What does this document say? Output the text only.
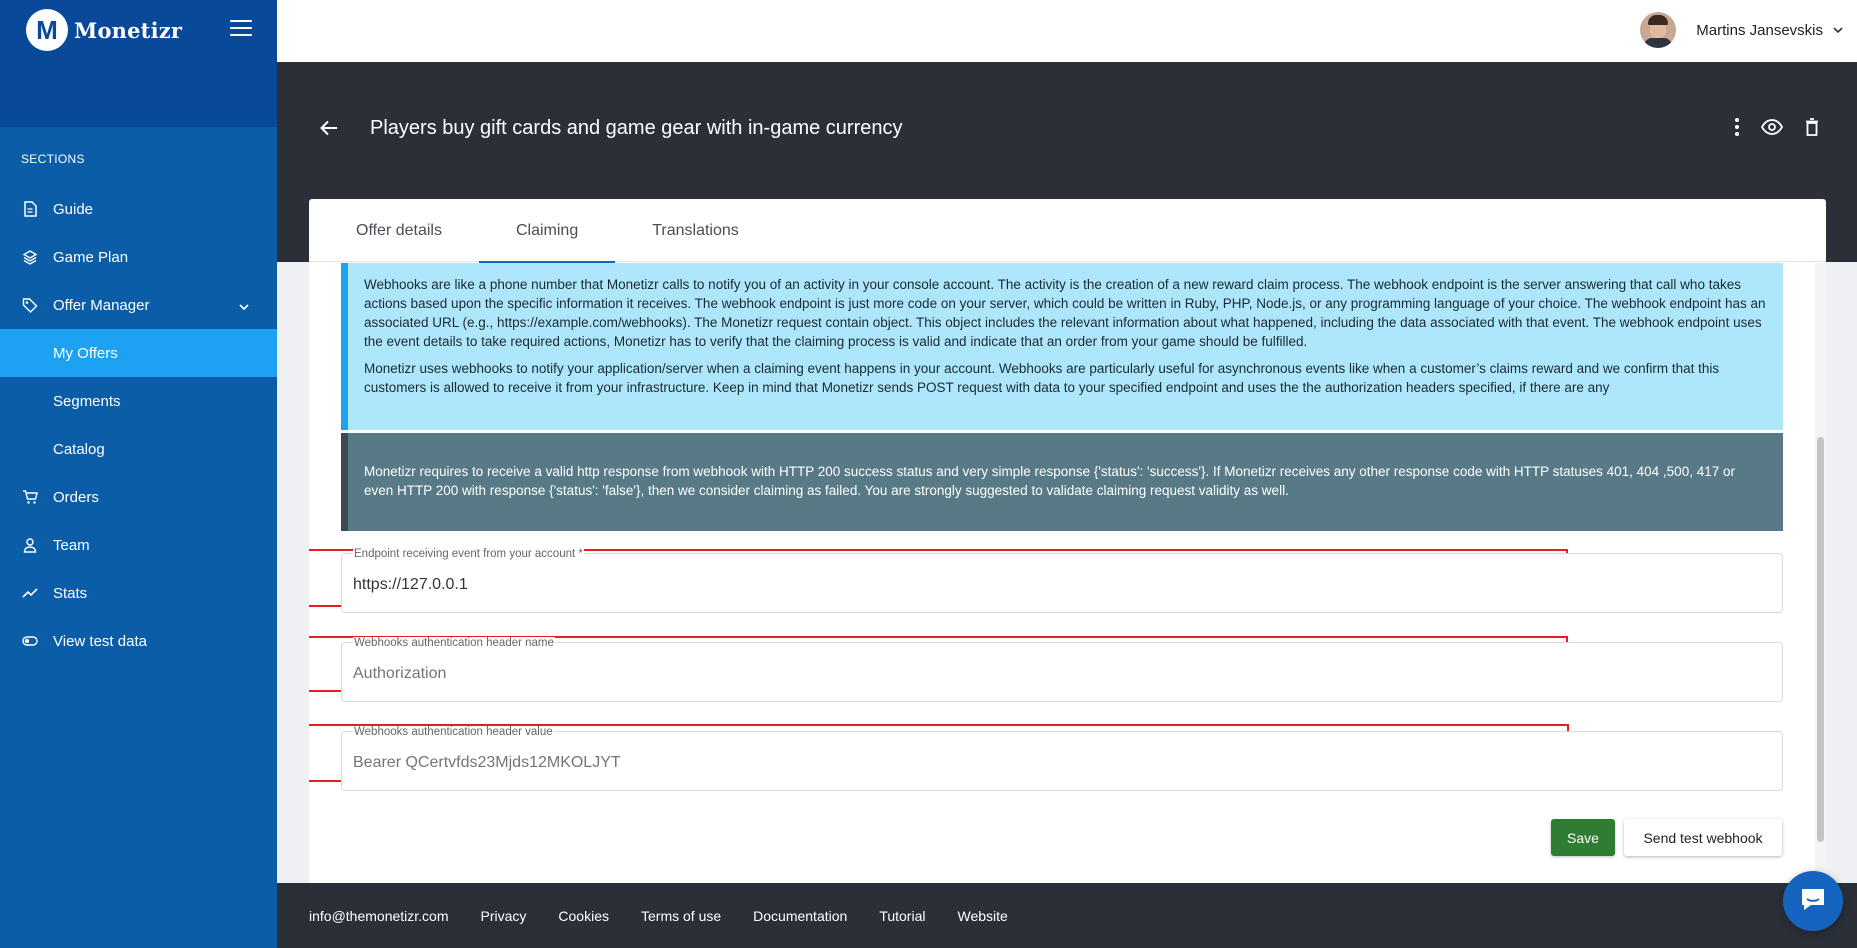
M Monetizr
SECTIONS
Guide
Game Plan
Offer Manager
My Offers
Segments
Catalog
Orders
Team
Stats
View test data
Martins Jansevskis
Players buy gift cards and game gear with in-game currency
Offer details	Claiming	Translations

Webhooks are like a phone number that Monetizr calls to notify you of an activity in your console account. The activity is the creation of a new reward claim process. The webhook endpoint is the server answering that call who takes actions based upon the specific information it receives. The webhook endpoint is just more code on your server, which could be written in Ruby, PHP, Node.js, or any programming language of your choice. The webhook endpoint has an associated URL (e.g., https://example.com/webhooks). The Monetizr request contain object. This object includes the relevant information about what happened, including the data associated with that event. The webhook endpoint uses the event details to take required actions, Monetizr has to verify that the claiming process is valid and indicate that an order from your game should be fulfilled.

Monetizr uses webhooks to notify your application/server when a claiming event happens in your account. Webhooks are particularly useful for asynchronous events like when a customer’s claims reward and we confirm that this customers is allowed to receive it from your infrastructure. Keep in mind that Monetizr sends POST request with data to your specified endpoint and uses the the authorization headers specified, if there are any

Monetizr requires to receive a valid http response from webhook with HTTP 200 success status and very simple response {'status': 'success'}. If Monetizr receives any other response code with HTTP statuses 401, 404 ,500, 417 or even HTTP 200 with response {'status': 'false'}, then we consider claiming as failed. You are strongly suggested to validate claiming request validity as well.

Endpoint receiving event from your account *
https://127.0.0.1
Webhooks authentication header name
Authorization
Webhooks authentication header value
Bearer QCertvfds23Mjds12MKOLJYT
Save	Send test webhook
info@themonetizr.com Privacy Cookies Terms of use Documentation Tutorial Website
